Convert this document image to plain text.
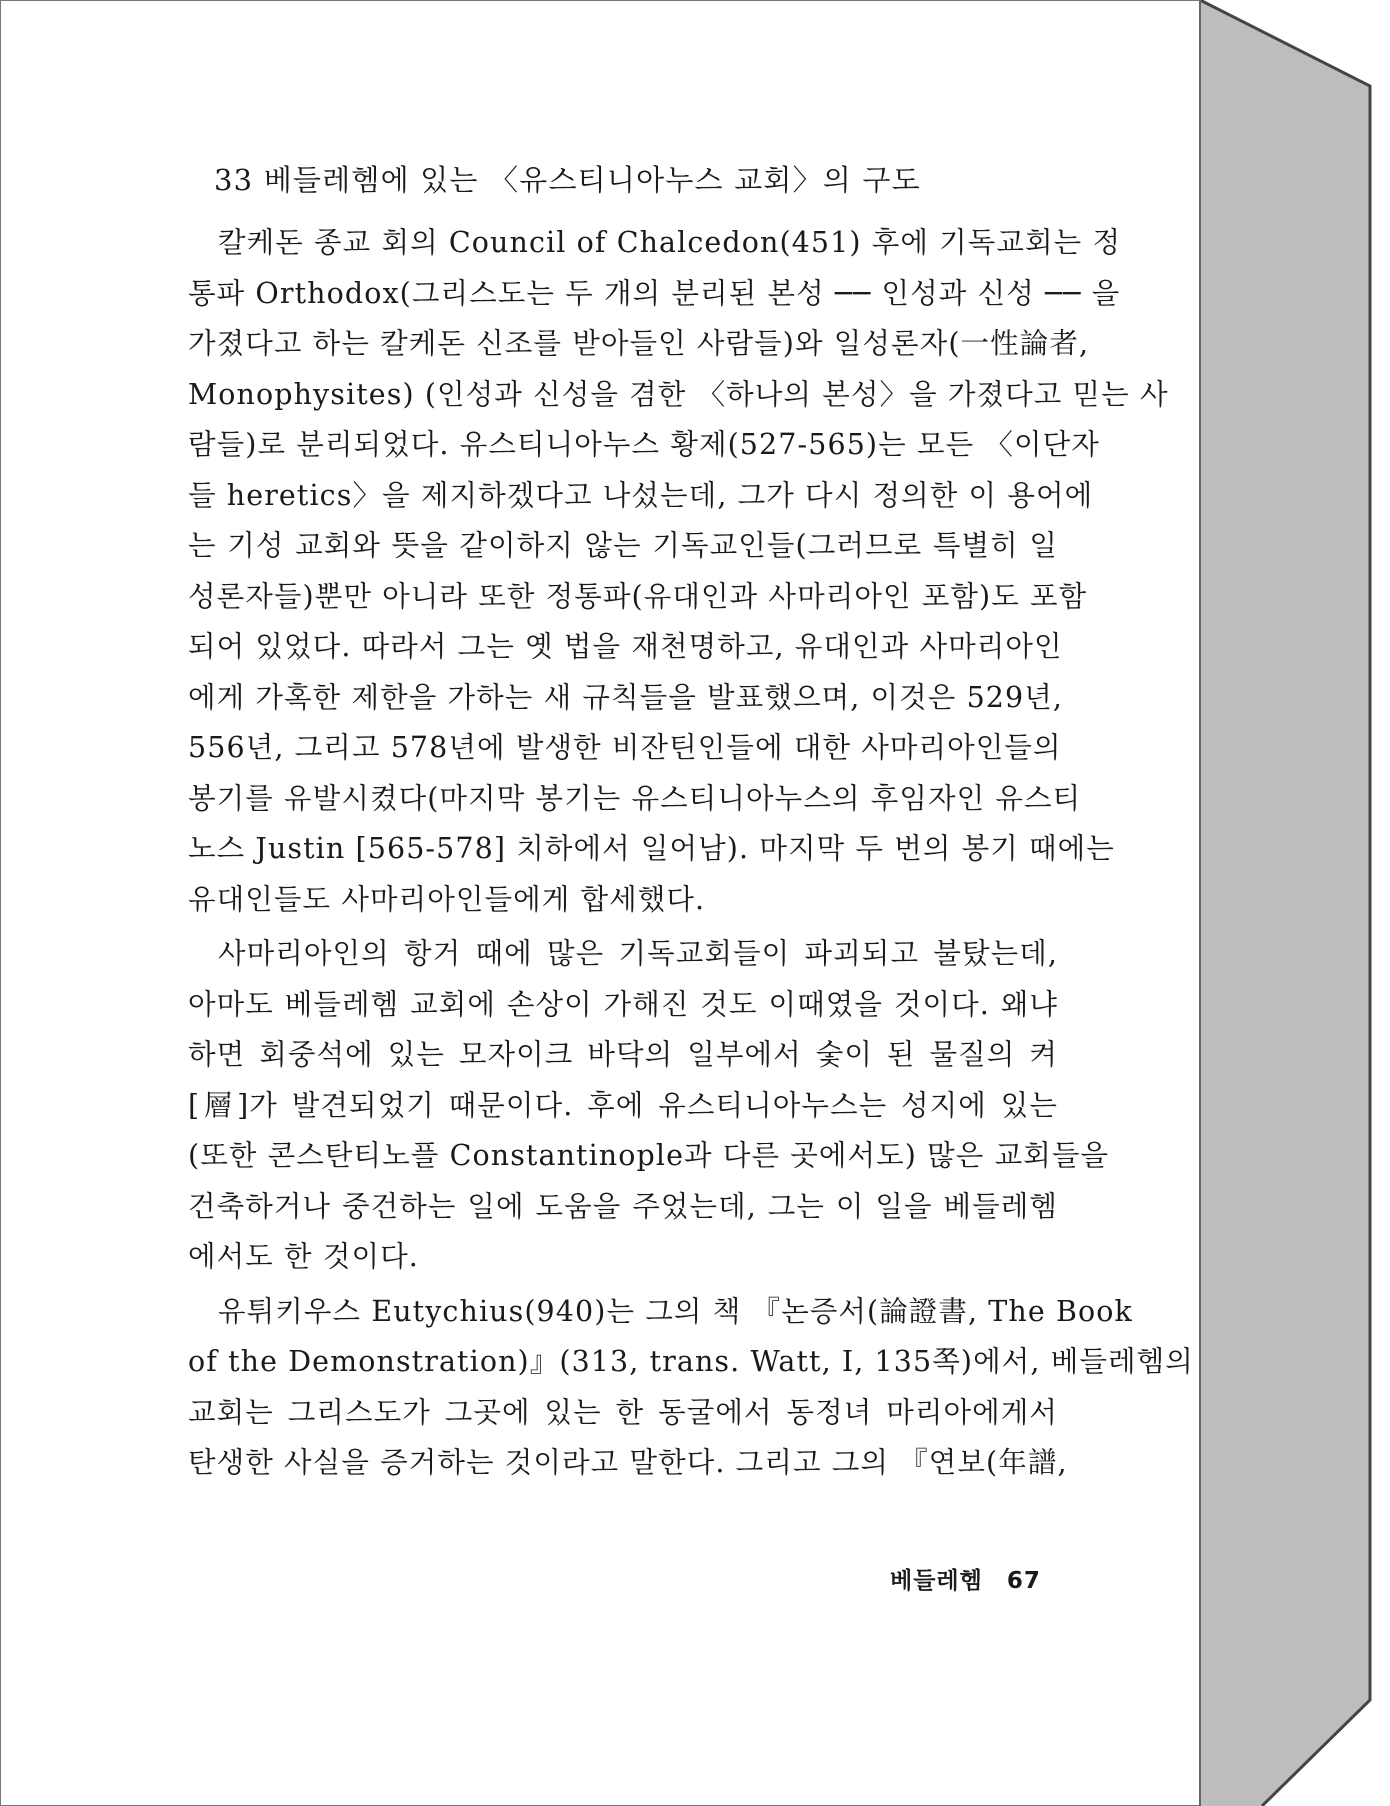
33 베들레헴에 있는 〈유스티니아누스 교회〉의 구도

칼케돈 종교 회의 Council of Chalcedon(451) 후에 기독교회는 정
통파 Orthodox(그리스도는 두 개의 분리된 본성 ── 인성과 신성 ── 을
가졌다고 하는 칼케돈 신조를 받아들인 사람들)와 일성론자(一性論者,
Monophysites) (인성과 신성을 겸한 〈하나의 본성〉을 가졌다고 믿는 사
람들)로 분리되었다. 유스티니아누스 황제(527-565)는 모든 〈이단자
들 heretics〉을 제지하겠다고 나섰는데, 그가 다시 정의한 이 용어에
는 기성 교회와 뜻을 같이하지 않는 기독교인들(그러므로 특별히 일
성론자들)뿐만 아니라 또한 정통파(유대인과 사마리아인 포함)도 포함
되어 있었다. 따라서 그는 옛 법을 재천명하고, 유대인과 사마리아인
에게 가혹한 제한을 가하는 새 규칙들을 발표했으며, 이것은 529년,
556년, 그리고 578년에 발생한 비잔틴인들에 대한 사마리아인들의
봉기를 유발시켰다(마지막 봉기는 유스티니아누스의 후임자인 유스티
노스 Justin [565-578] 치하에서 일어남). 마지막 두 번의 봉기 때에는
유대인들도 사마리아인들에게 합세했다.

사마리아인의 항거 때에 많은 기독교회들이 파괴되고 불탔는데,
아마도 베들레헴 교회에 손상이 가해진 것도 이때였을 것이다. 왜냐
하면 회중석에 있는 모자이크 바닥의 일부에서 숯이 된 물질의 켜
[層]가 발견되었기 때문이다. 후에 유스티니아누스는 성지에 있는
(또한 콘스탄티노플 Constantinople과 다른 곳에서도) 많은 교회들을
건축하거나 중건하는 일에 도움을 주었는데, 그는 이 일을 베들레헴
에서도 한 것이다.

유튀키우스 Eutychius(940)는 그의 책 『논증서(論證書, The Book
of the Demonstration)』(313, trans. Watt, I, 135쪽)에서, 베들레헴의
교회는 그리스도가 그곳에 있는 한 동굴에서 동정녀 마리아에게서
탄생한 사실을 증거하는 것이라고 말한다. 그리고 그의 『연보(年譜,

베들레헴 67
